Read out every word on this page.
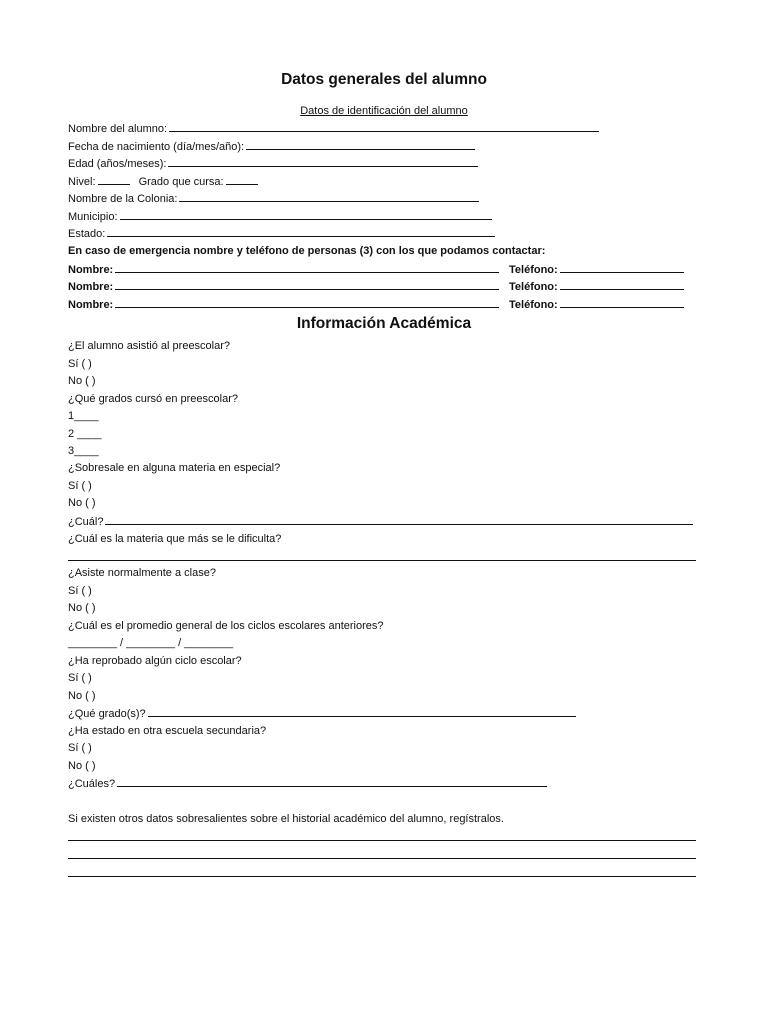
Datos generales del alumno
Datos de identificación del alumno
Nombre del alumno:
Fecha de nacimiento (día/mes/año):
Edad (años/meses):
Nivel:	Grado que cursa:
Nombre de la Colonia:
Municipio:
Estado:
En caso de emergencia nombre y teléfono de personas (3) con los que podamos contactar:
Nombre:	Teléfono:
Nombre:	Teléfono:
Nombre:	Teléfono:
Información Académica
¿El alumno asistió al preescolar?
Sí ( )
No ( )
¿Qué grados cursó en preescolar?
1____
2 ____
3____
¿Sobresale en alguna materia en especial?
Sí ( )
No ( )
¿Cuál?
¿Cuál es la materia que más se le dificulta?
¿Asiste normalmente a clase?
Sí ( )
No ( )
¿Cuál es el promedio general de los ciclos escolares anteriores?
________ / ________ / ________
¿Ha reprobado algún ciclo escolar?
Sí ( )
No ( )
¿Qué grado(s)?
¿Ha estado en otra escuela secundaria?
Sí ( )
No ( )
¿Cuáles?
Si existen otros datos sobresalientes sobre el historial académico del alumno, regístralos.
